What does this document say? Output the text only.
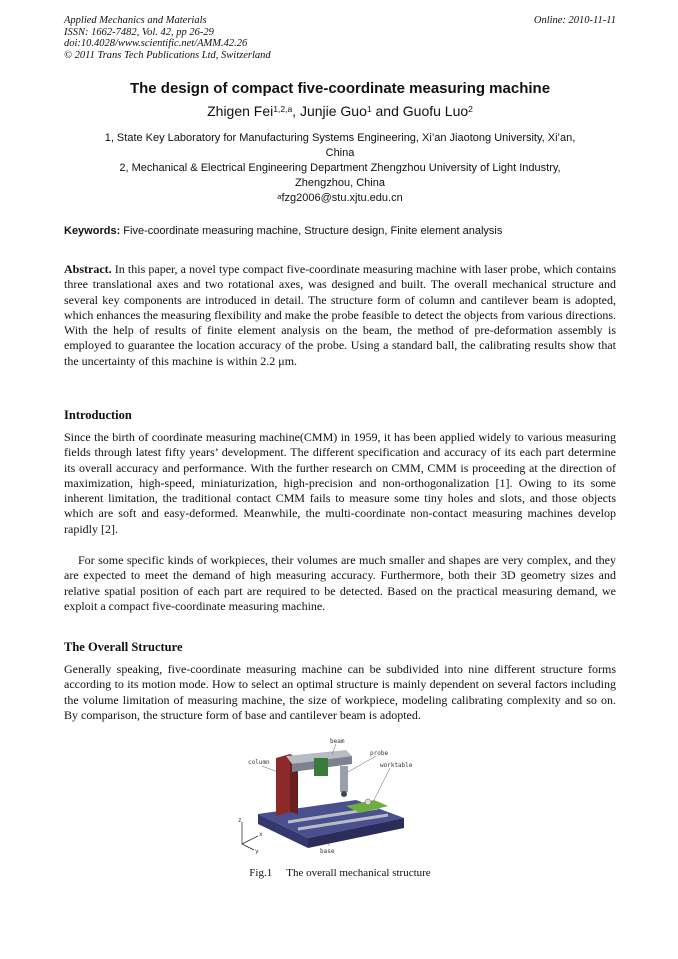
Applied Mechanics and Materials
ISSN: 1662-7482, Vol. 42, pp 26-29
doi:10.4028/www.scientific.net/AMM.42.26
© 2011 Trans Tech Publications Ltd, Switzerland
Online: 2010-11-11
The design of compact five-coordinate measuring machine
Zhigen Fei$^{1,2,a}$, Junjie Guo$^1$ and Guofu Luo$^2$
1, State Key Laboratory for Manufacturing Systems Engineering, Xi’an Jiaotong University, Xi’an,
China
2, Mechanical & Electrical Engineering Department Zhengzhou University of Light Industry,
Zhengzhou, China
$^a$fzg2006@stu.xjtu.edu.cn
Keywords: Five-coordinate measuring machine, Structure design, Finite element analysis
Abstract. In this paper, a novel type compact five-coordinate measuring machine with laser probe, which contains three translational axes and two rotational axes, was designed and built. The overall mechanical structure and several key components are introduced in detail. The structure form of column and cantilever beam is adopted, which enhances the measuring flexibility and make the probe feasible to detect the objects from various directions. With the help of results of finite element analysis on the beam, the method of pre-deformation assembly is employed to guarantee the location accuracy of the probe. Using a standard ball, the calibrating results show that the uncertainty of this machine is within 2.2 μm.
Introduction
Since the birth of coordinate measuring machine(CMM) in 1959, it has been applied widely to various measuring fields through latest fifty years’ development. The different specification and accuracy of its each part determine its overall accuracy and performance. With the further research on CMM, CMM is proceeding at the direction of maximization, high-speed, miniaturization, high-precision and non-orthogonalization [1]. Owing to its some inherent limitation, the traditional contact CMM fails to measure some tiny holes and slots, and those objects which are soft and easy-deformed. Meanwhile, the multi-coordinate non-contact measuring machines develop rapidly [2].
For some specific kinds of workpieces, their volumes are much smaller and shapes are very complex, and they are expected to meet the demand of high measuring accuracy. Furthermore, both their 3D geometry sizes and relative spatial position of each part are required to be detected. Based on the practical measuring demand, we exploit a compact five-coordinate measuring machine.
The Overall Structure
Generally speaking, five-coordinate measuring machine can be subdivided into nine different structure forms according to its motion mode. How to select an optimal structure is mainly dependent on several factors including the volume limitation of measuring machine, the size of workpiece, modeling calibrating complexity and so on. By comparison, the structure form of base and cantilever beam is adopted.
z
x
y
beam
column
probe
worktable
base
Fig.1 The overall mechanical structure
